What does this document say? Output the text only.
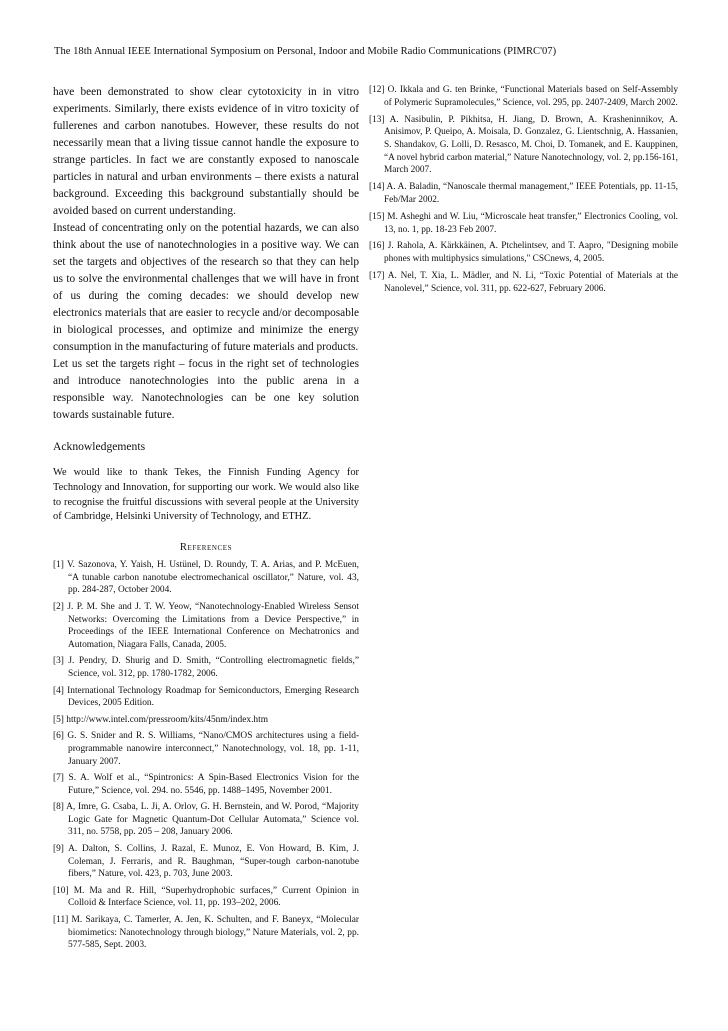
The 18th Annual IEEE International Symposium on Personal, Indoor and Mobile Radio Communications (PIMRC'07)

have been demonstrated to show clear cytotoxicity in in vitro experiments. Similarly, there exists evidence of in vitro toxicity of fullerenes and carbon nanotubes. However, these results do not necessarily mean that a living tissue cannot handle the exposure to strange particles. In fact we are constantly exposed to nanoscale particles in natural and urban environments – there exists a natural background. Exceeding this background substantially should be avoided based on current understanding.

Instead of concentrating only on the potential hazards, we can also think about the use of nanotechnologies in a positive way. We can set the targets and objectives of the research so that they can help us to solve the environmental challenges that we will have in front of us during the coming decades: we should develop new electronics materials that are easier to recycle and/or decomposable in biological processes, and optimize and minimize the energy consumption in the manufacturing of future materials and products.

Let us set the targets right – focus in the right set of technologies and introduce nanotechnologies into the public arena in a responsible way. Nanotechnologies can be one key solution towards sustainable future.

Acknowledgements

We would like to thank Tekes, the Finnish Funding Agency for Technology and Innovation, for supporting our work. We would also like to recognise the fruitful discussions with several people at the University of Cambridge, Helsinki University of Technology, and ETHZ.

References
[1] V. Sazonova, Y. Yaish, H. Ustünel, D. Roundy, T. A. Arias, and P. McEuen, “A tunable carbon nanotube electromechanical oscillator,” Nature, vol. 43, pp. 284-287, October 2004.
[2] J. P. M. She and J. T. W. Yeow, “Nanotechnology-Enabled Wireless Sensot Networks: Overcoming the Limitations from a Device Perspective,” in Proceedings of the IEEE International Conference on Mechatronics and Automation, Niagara Falls, Canada, 2005.
[3] J. Pendry, D. Shurig and D. Smith, “Controlling electromagnetic fields,” Science, vol. 312, pp. 1780-1782, 2006.
[4] International Technology Roadmap for Semiconductors, Emerging Research Devices, 2005 Edition.
[5] http://www.intel.com/pressroom/kits/45nm/index.htm
[6] G. S. Snider and R. S. Williams, “Nano/CMOS architectures using a field-programmable nanowire interconnect,” Nanotechnology, vol. 18, pp. 1-11, January 2007.
[7] S. A. Wolf et al., “Spintronics: A Spin-Based Electronics Vision for the Future,” Science, vol. 294. no. 5546, pp. 1488–1495, November 2001.
[8] A, Imre, G. Csaba, L. Ji, A. Orlov, G. H. Bernstein, and W. Porod, “Majority Logic Gate for Magnetic Quantum-Dot Cellular Automata,” Science vol. 311, no. 5758, pp. 205 – 208, January 2006.
[9] A. Dalton, S. Collins, J. Razal, E. Munoz, E. Von Howard, B. Kim, J. Coleman, J. Ferraris, and R. Baughman, “Super-tough carbon-nanotube fibers,” Nature, vol. 423, p. 703, June 2003.
[10] M. Ma and R. Hill, “Superhydrophobic surfaces,” Current Opinion in Colloid & Interface Science, vol. 11, pp. 193–202, 2006.
[11] M. Sarikaya, C. Tamerler, A. Jen, K. Schulten, and F. Baneyx, “Molecular biomimetics: Nanotechnology through biology,” Nature Materials, vol. 2, pp. 577-585, Sept. 2003.
[12] O. Ikkala and G. ten Brinke, “Functional Materials based on Self-Assembly of Polymeric Supramolecules,” Science, vol. 295, pp. 2407-2409, March 2002.
[13] A. Nasibulin, P. Pikhitsa, H. Jiang, D. Brown, A. Krasheninnikov, A. Anisimov, P. Queipo, A. Moisala, D. Gonzalez, G. Lientschnig, A. Hassanien, S. Shandakov, G. Lolli, D. Resasco, M. Choi, D. Tomanek, and E. Kauppinen, “A novel hybrid carbon material,” Nature Nanotechnology, vol. 2, pp.156-161, March 2007.
[14] A. A. Baladin, “Nanoscale thermal management,” IEEE Potentials, pp. 11-15, Feb/Mar 2002.
[15] M. Asheghi and W. Liu, “Microscale heat transfer,” Electronics Cooling, vol. 13, no. 1, pp. 18-23 Feb 2007.
[16] J. Rahola, A. Kärkkäinen, A. Ptchelintsev, and T. Aapro, "Designing mobile phones with multiphysics simulations," CSCnews, 4, 2005.
[17] A. Nel, T. Xia, L. Mädler, and N. Li, “Toxic Potential of Materials at the Nanolevel,” Science, vol. 311, pp. 622-627, February 2006.
